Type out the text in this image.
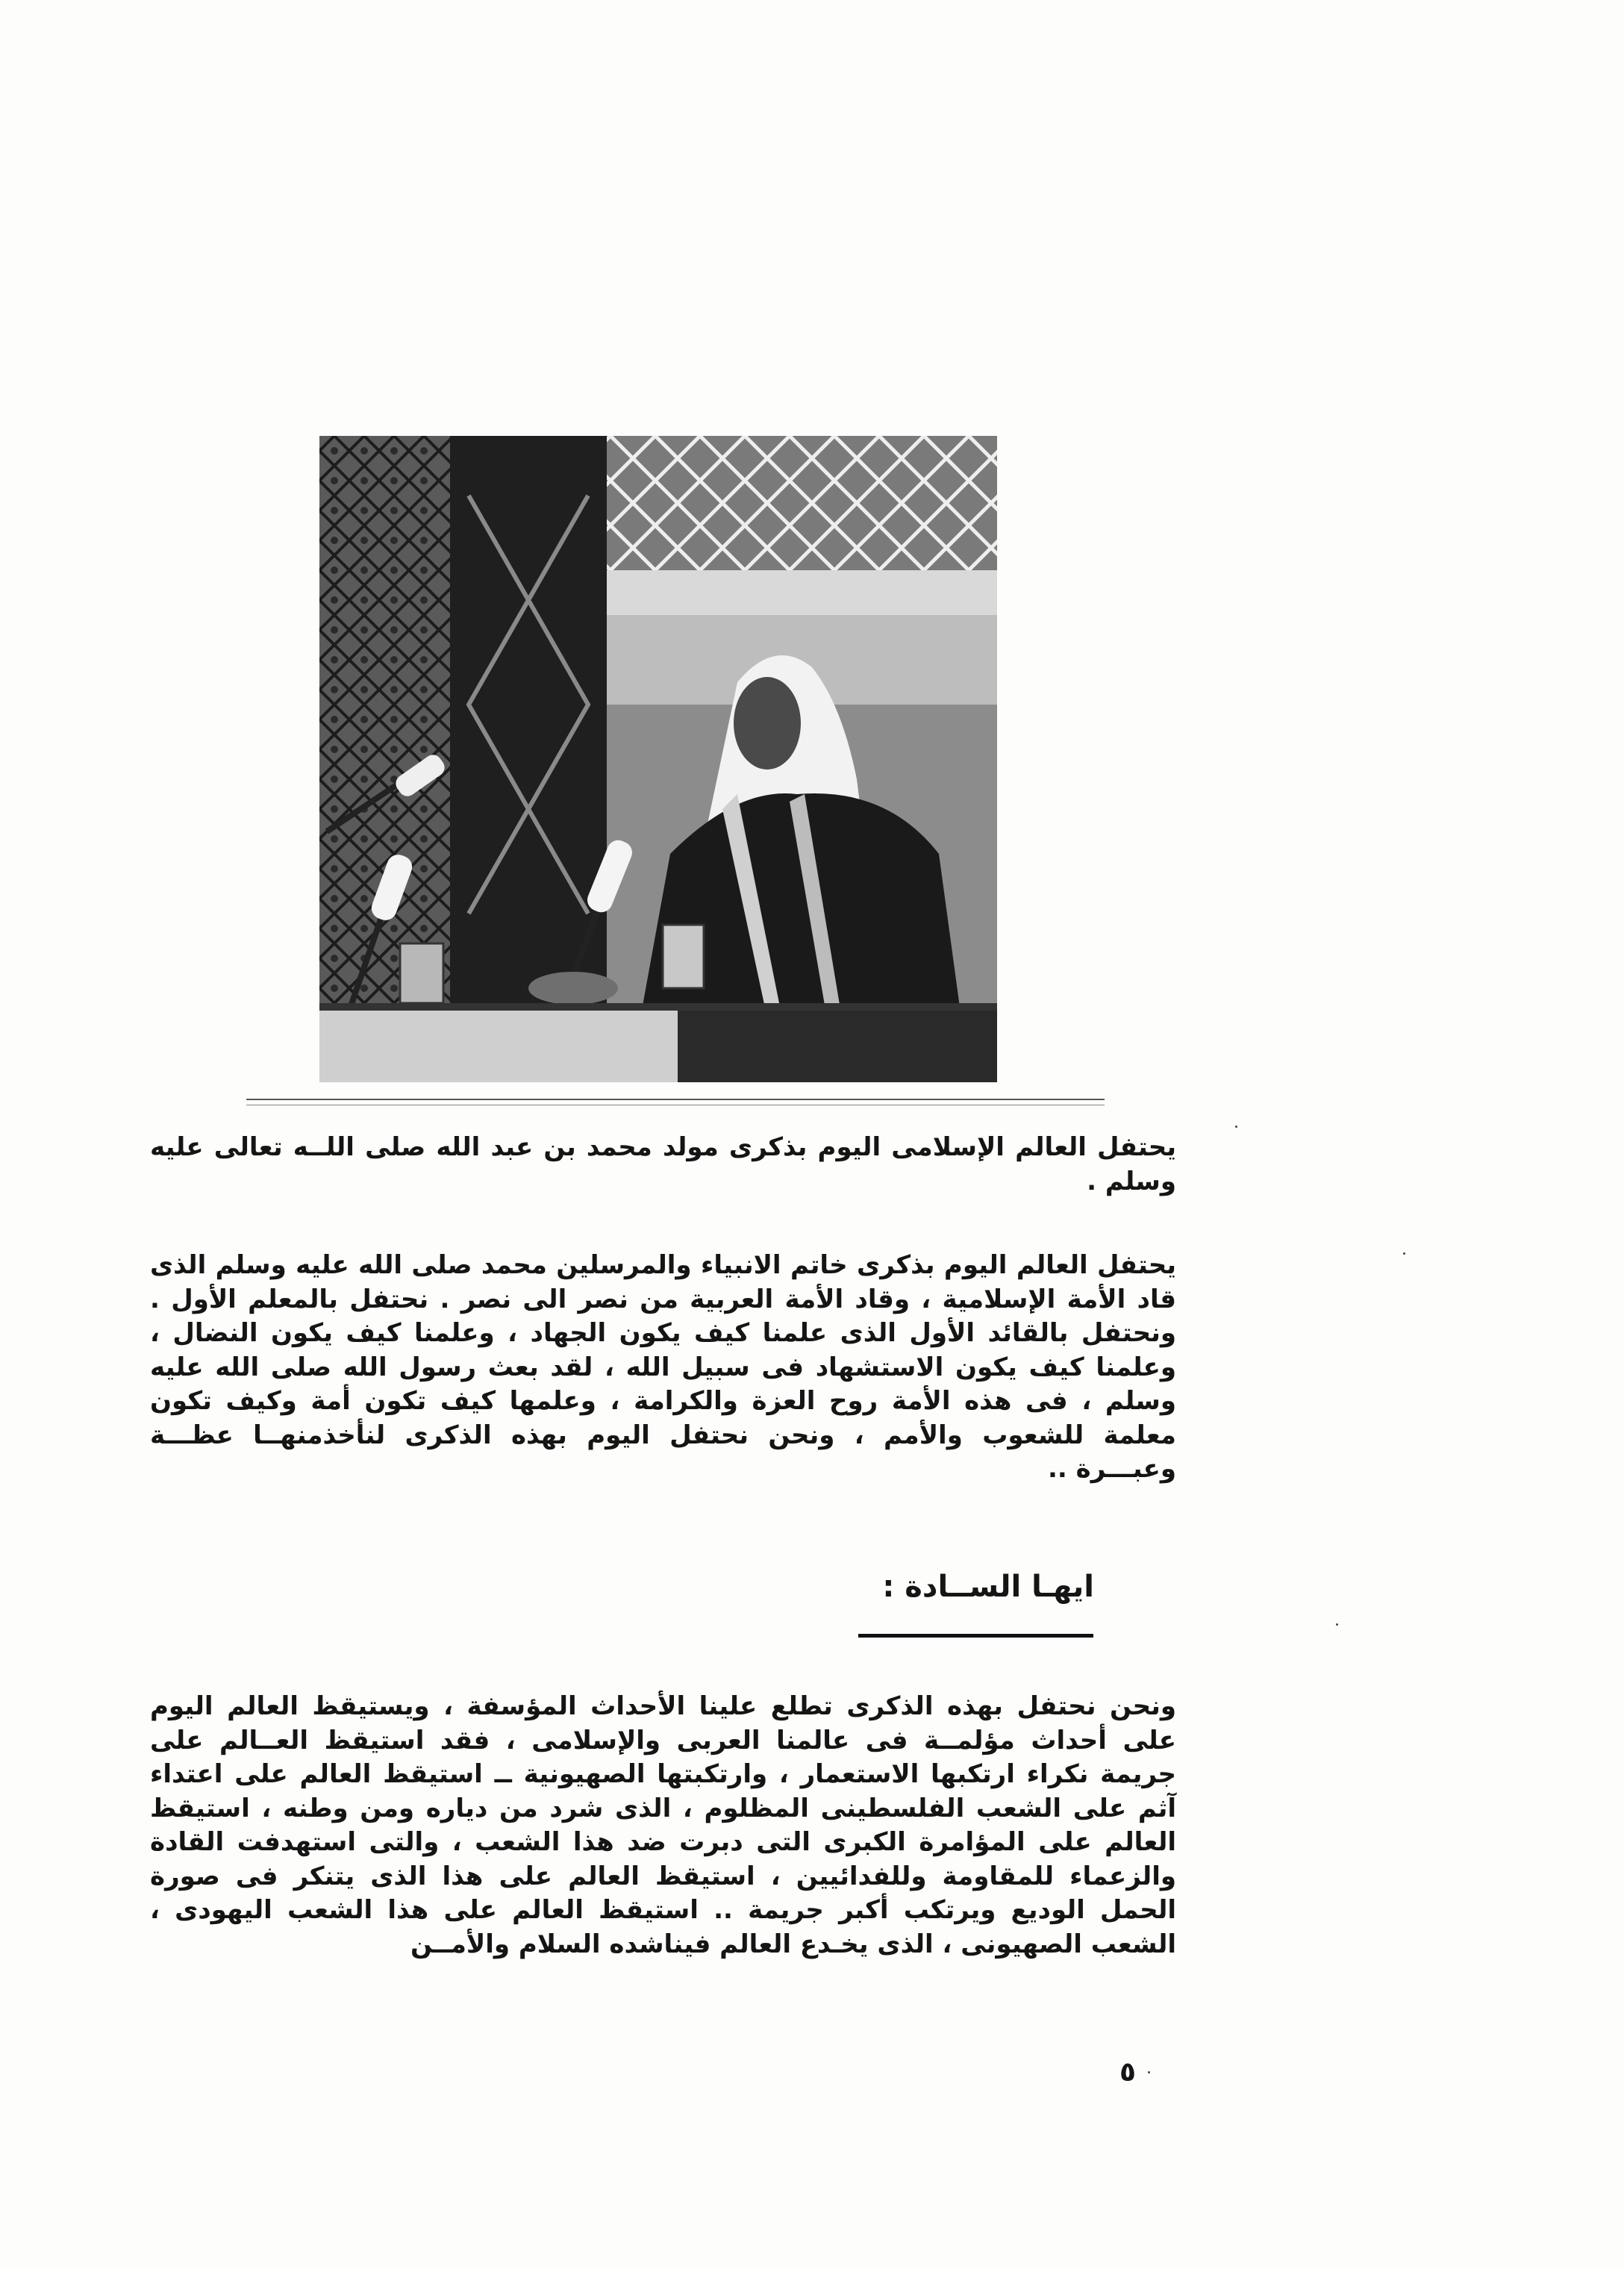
يحتفل العالم الإسلامى اليوم بذكرى مولد محمد بن عبد الله صلى اللــه تعالى عليه وسلم .

يحتفل العالم اليوم بذكرى خاتم الانبياء والمرسلين محمد صلى الله عليه وسلم الذى قاد الأمة الإسلامية ، وقاد الأمة العربية من نصر الى نصر . نحتفل بالمعلم الأول . ونحتفل بالقائد الأول الذى علمنا كيف يكون الجهاد ، وعلمنا كيف يكون النضال ، وعلمنا كيف يكون الاستشهاد فى سبيل الله ، لقد بعث رسول الله صلى الله عليه وسلم ، فى هذه الأمة روح العزة والكرامة ، وعلمها كيف تكون أمة وكيف تكون معلمة للشعوب والأمم ، ونحن نحتفل اليوم بهذه الذكرى لنأخذمنهــا عظـــة وعبـــرة ..

ايهـا الســادة :

ونحن نحتفل بهذه الذكرى تطلع علينا الأحداث المؤسفة ، ويستيقظ العالم اليوم على أحداث مؤلمــة فى عالمنا العربى والإسلامى ، فقد استيقظ العــالم على جريمة نكراء ارتكبها الاستعمار ، وارتكبتها الصهيونية ــ استيقظ العالم على اعتداء آثم على الشعب الفلسطينى المظلوم ، الذى شرد من دياره ومن وطنه ، استيقظ العالم على المؤامرة الكبرى التى دبرت ضد هذا الشعب ، والتى استهدفت القادة والزعماء للمقاومة وللفدائيين ، استيقظ العالم على هذا الذى يتنكر فى صورة الحمل الوديع ويرتكب أكبر جريمة .. استيقظ العالم على هذا الشعب اليهودى ، الشعب الصهيونى ، الذى يخـدع العالم فيناشده السلام والأمــن

٥
